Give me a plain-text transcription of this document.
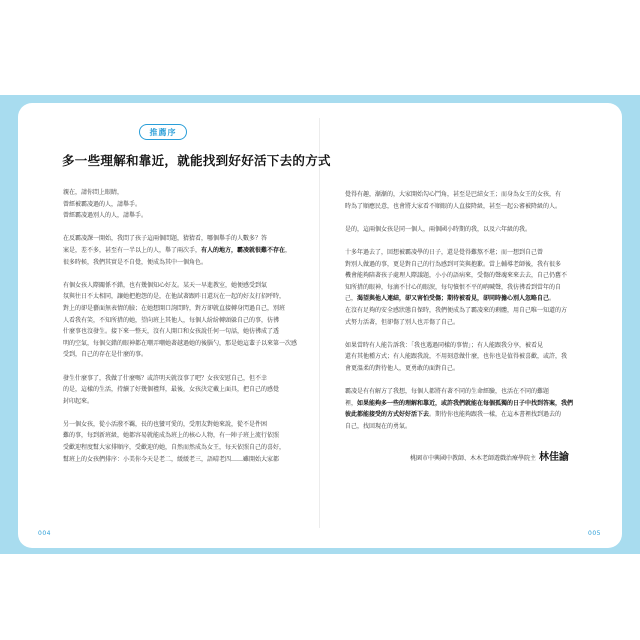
推薦序
多一些理解和靠近，就能找到好好活下去的方式
親在，請你問上眼睛，
曾經被霸凌過的人，請舉手。
曾經霸凌過別人的人，請舉手。
在反霸凌課一開始，我問了孩子這兩個問題，猜猜看，哪個舉手的人數多？答
案是，差不多，甚至有一半以上的人，舉了兩次手，有人的地方，霸凌就很難不存在，
很多時候，我們其實是不自覺，便成為其中一個角色。
有個女孩人際關係不錯，也有幾個知心好友。某天一早進教室，她便感受到氣
氛與往日不太相同，讓她把抱怨的是，在他試著跟昨日還玩在一起的好友打招呼時，
對上的卻是藝面無表情的臉；在她想開口詢問時，對方卻就直接轉身閃過自己，別班
人看我有笑，不知所措的她，望向班上其他人，每個人紛紛轉頭躲自己的事，彷彿
什麼事也沒發生。接下來一整天，沒有人開口和女孩說任何一句話，她彷彿成了透
明的空氣，每個交錯的眼神都在嘲弄嘲她著越過她的後腦勺，那是她這輩子以來第一次感
受到，自己的存在是什麼的事。
發生什麼事了，我做了什麼嗎？或許明天就沒事了吧？女孩安慰自己，但不幸
的是，這樣的生活，持續了好幾個禮拜，最後，女孩決定戴上面具，把自己的感覺
封印起來。
另一個女孩，從小活潑不羈，長的也蠻可愛的，受朋友對她來說，從不是件困
難的事，每到新班級，她都容易就能成為班上的核心人物，有一陣子班上流行依照
受歡迎程度幫大家排順序，受歡迎的她，自然而然成為女王，每天依照自己的喜好，
幫班上的女孩們排序：小美你今天是老二，緩緩老三，語晴老四……雖開始大家都
覺得有趣，漸漸的，大家開始勾心鬥角，甚至是巴結女王；而身為女王的女孩，有
時為了順應民意，也會將大家看不順眼的人直接降級，甚至一起公審被降級的人。
是的，這兩個女孩是同一個人，兩個國小時期的我，以及六年級的我。
十多年過去了，回想被霸凌學的日子，還是覺得難熬不堪；而一想到自己曾
對別人做過的事，更是對自己的行為感到可笑與抱歉。當上輔導老師後，我有很多
機會能夠陪著孩子處理人際議題，小小的語病來，受傷的聲魂來來去去，自己仍舊不
知所措的眼神，每滴不甘心的眼淚，每句憤恨不平的吶喊聲，我彷彿看到當年的自
己，渴望與他人連結，卻又害怕受傷；期待被看見，卻同時擔心別人忽略自己。
在沒有足夠的安全感狀態自保時，我們便成為了霸凌來的剩體，用自己唯一知道的方
式努力活著，但卻傷了別人也弄傷了自己。
如果當時有人能告訴我：「我也遇過同樣的事情」；有人能跟我分享，被看見
還有其他種方式；有人能跟我說，不用刻意做什麼，也你也是值得被喜歡，或許，我
會更溫柔的對待他人，更勇敢的面對自己。
霸凌是有有解方了我想，每個人都將有著不同的生命經驗，也活在不同的難題
裡，如果能夠多一些的理解和靠近，或許我們就能在每個孤獨的日子中找到答案，我們
彼此都能接受的方式好好活下去。期待你也能夠跟我一樣，在這本書裡找到過去的
自己，找回現在的勇氣。
桃園市中興國中教師、木木老師遊戲治療學院主 林佳諭
004	005
